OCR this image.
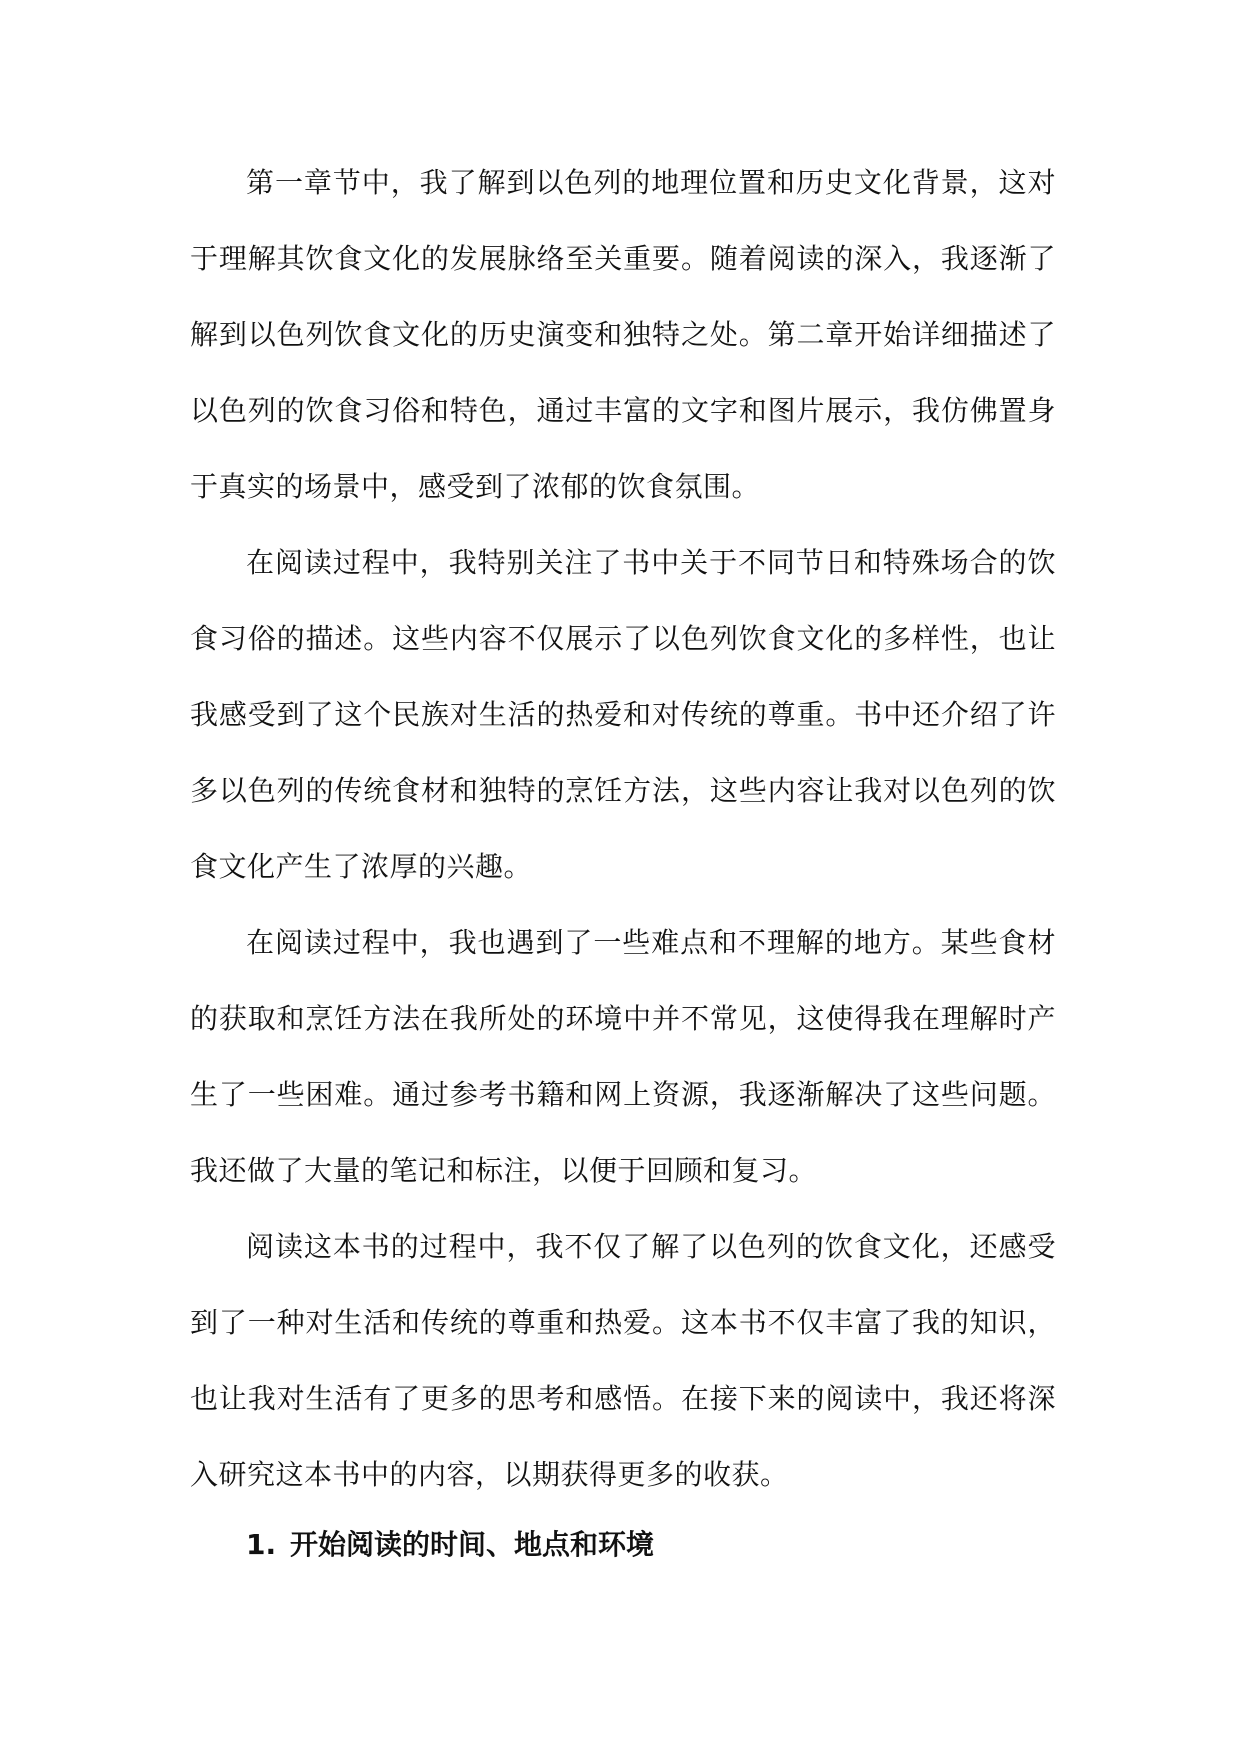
第一章节中，我了解到以色列的地理位置和历史文化背景，这对于理解其饮食文化的发展脉络至关重要。随着阅读的深入，我逐渐了解到以色列饮食文化的历史演变和独特之处。第二章开始详细描述了以色列的饮食习俗和特色，通过丰富的文字和图片展示，我仿佛置身于真实的场景中，感受到了浓郁的饮食氛围。

在阅读过程中，我特别关注了书中关于不同节日和特殊场合的饮食习俗的描述。这些内容不仅展示了以色列饮食文化的多样性，也让我感受到了这个民族对生活的热爱和对传统的尊重。书中还介绍了许多以色列的传统食材和独特的烹饪方法，这些内容让我对以色列的饮食文化产生了浓厚的兴趣。

在阅读过程中，我也遇到了一些难点和不理解的地方。某些食材的获取和烹饪方法在我所处的环境中并不常见，这使得我在理解时产生了一些困难。通过参考书籍和网上资源，我逐渐解决了这些问题。我还做了大量的笔记和标注，以便于回顾和复习。

阅读这本书的过程中，我不仅了解了以色列的饮食文化，还感受到了一种对生活和传统的尊重和热爱。这本书不仅丰富了我的知识，也让我对生活有了更多的思考和感悟。在接下来的阅读中，我还将深入研究这本书中的内容，以期获得更多的收获。

1. 开始阅读的时间、地点和环境
